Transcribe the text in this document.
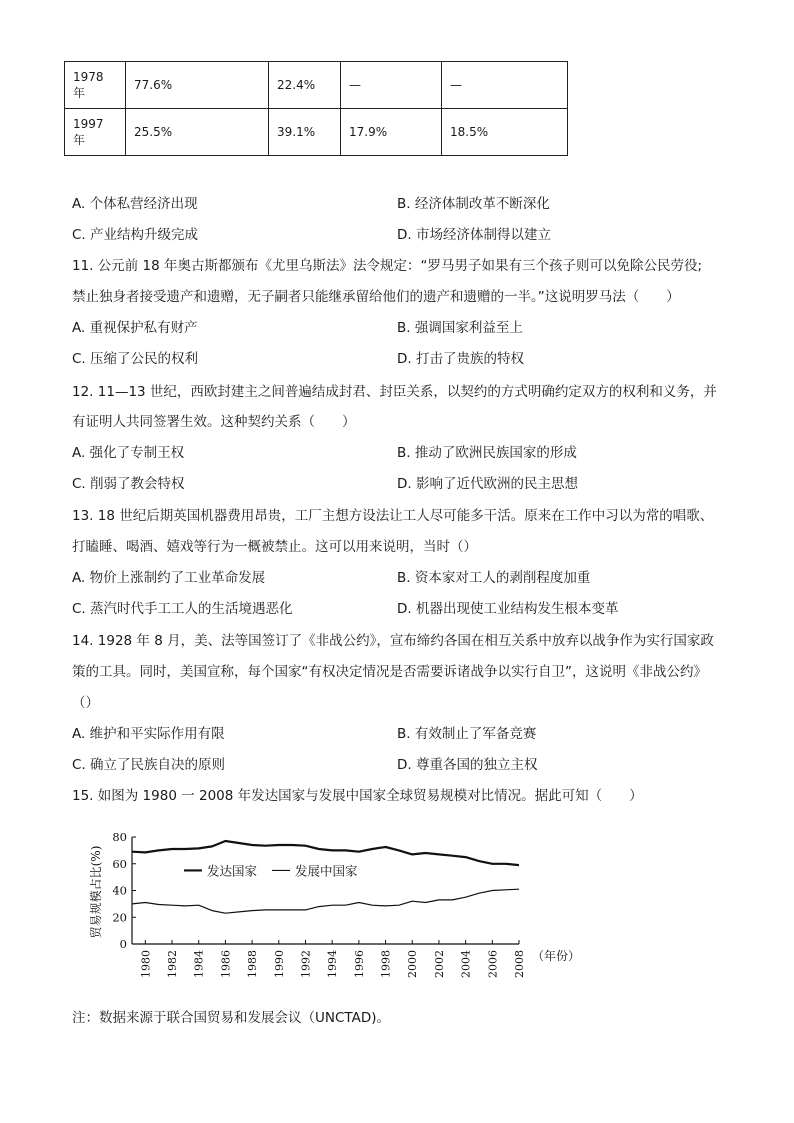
1978 年	77.6%	22.4%	—	—
1997 年	25.5%	39.1%	17.9%	18.5%
A. 个体私营经济出现	B. 经济体制改革不断深化
C. 产业结构升级完成	D. 市场经济体制得以建立
11. 公元前 18 年奥古斯都颁布《尤里乌斯法》法令规定：“罗马男子如果有三个孩子则可以免除公民劳役;
禁止独身者接受遗产和遗赠，无子嗣者只能继承留给他们的遗产和遗赠的一半。”这说明罗马法（　　）
A. 重视保护私有财产	B. 强调国家利益至上
C. 压缩了公民的权利	D. 打击了贵族的特权
12. 11—13 世纪，西欧封建主之间普遍结成封君、封臣关系，以契约的方式明确约定双方的权利和义务，并
有证明人共同签署生效。这种契约关系（　　）
A. 强化了专制王权	B. 推动了欧洲民族国家的形成
C. 削弱了教会特权	D. 影响了近代欧洲的民主思想
13. 18 世纪后期英国机器费用昂贵，工厂主想方设法让工人尽可能多干活。原来在工作中习以为常的唱歌、
打瞌睡、喝酒、嬉戏等行为一概被禁止。这可以用来说明，当时（）
A. 物价上涨制约了工业革命发展	B. 资本家对工人的剥削程度加重
C. 蒸汽时代手工工人的生活境遇恶化	D. 机器出现使工业结构发生根本变革
14. 1928 年 8 月，美、法等国签订了《非战公约》，宣布缔约各国在相互关系中放弃以战争作为实行国家政
策的工具。同时，美国宣称，每个国家“有权决定情况是否需要诉诸战争以实行自卫”，这说明《非战公约》
（）
A. 维护和平实际作用有限	B. 有效制止了军备竞赛
C. 确立了民族自决的原则	D. 尊重各国的独立主权
15. 如图为 1980 一 2008 年发达国家与发展中国家全球贸易规模对比情况。据此可知（　　）
贸易规模占比(%)
（年份）
0
20
40
60
80
1980 1982 1984 1986 1988 1990 1992 1994 1996 1998 2000 2002 2004 2006 2008
发达国家	发展中国家
注：数据来源于联合国贸易和发展会议（UNCTAD)。
